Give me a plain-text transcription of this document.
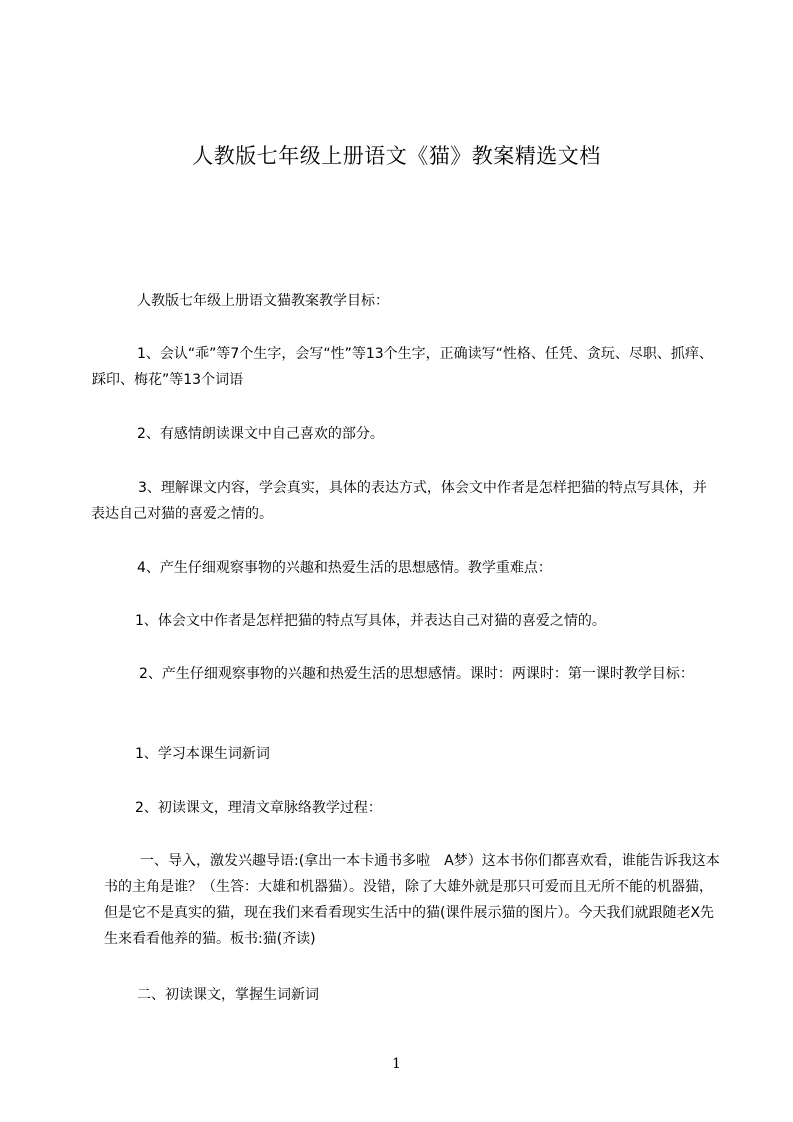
人教版七年级上册语文《猫》教案精选文档

人教版七年级上册语文猫教案教学目标：

1、会认“乖”等7个生字，会写“性”等13个生字，正确读写“性格、任凭、贪玩、尽职、抓痒、踩印、梅花”等13个词语

2、有感情朗读课文中自己喜欢的部分。

3、理解课文内容，学会真实，具体的表达方式，体会文中作者是怎样把猫的特点写具体，并表达自己对猫的喜爱之情的。

4、产生仔细观察事物的兴趣和热爱生活的思想感情。教学重难点：

1、体会文中作者是怎样把猫的特点写具体，并表达自己对猫的喜爱之情的。

2、产生仔细观察事物的兴趣和热爱生活的思想感情。课时：两课时：第一课时教学目标：

1、学习本课生词新词

2、初读课文，理清文章脉络教学过程：

一、导入，激发兴趣导语:(拿出一本卡通书多啦　A梦）这本书你们都喜欢看，谁能告诉我这本书的主角是谁？（生答：大雄和机器猫）。没错，除了大雄外就是那只可爱而且无所不能的机器猫，但是它不是真实的猫，现在我们来看看现实生活中的猫(课件展示猫的图片）。今天我们就跟随老X先生来看看他养的猫。板书:猫(齐读)

二、初读课文，掌握生词新词

1
